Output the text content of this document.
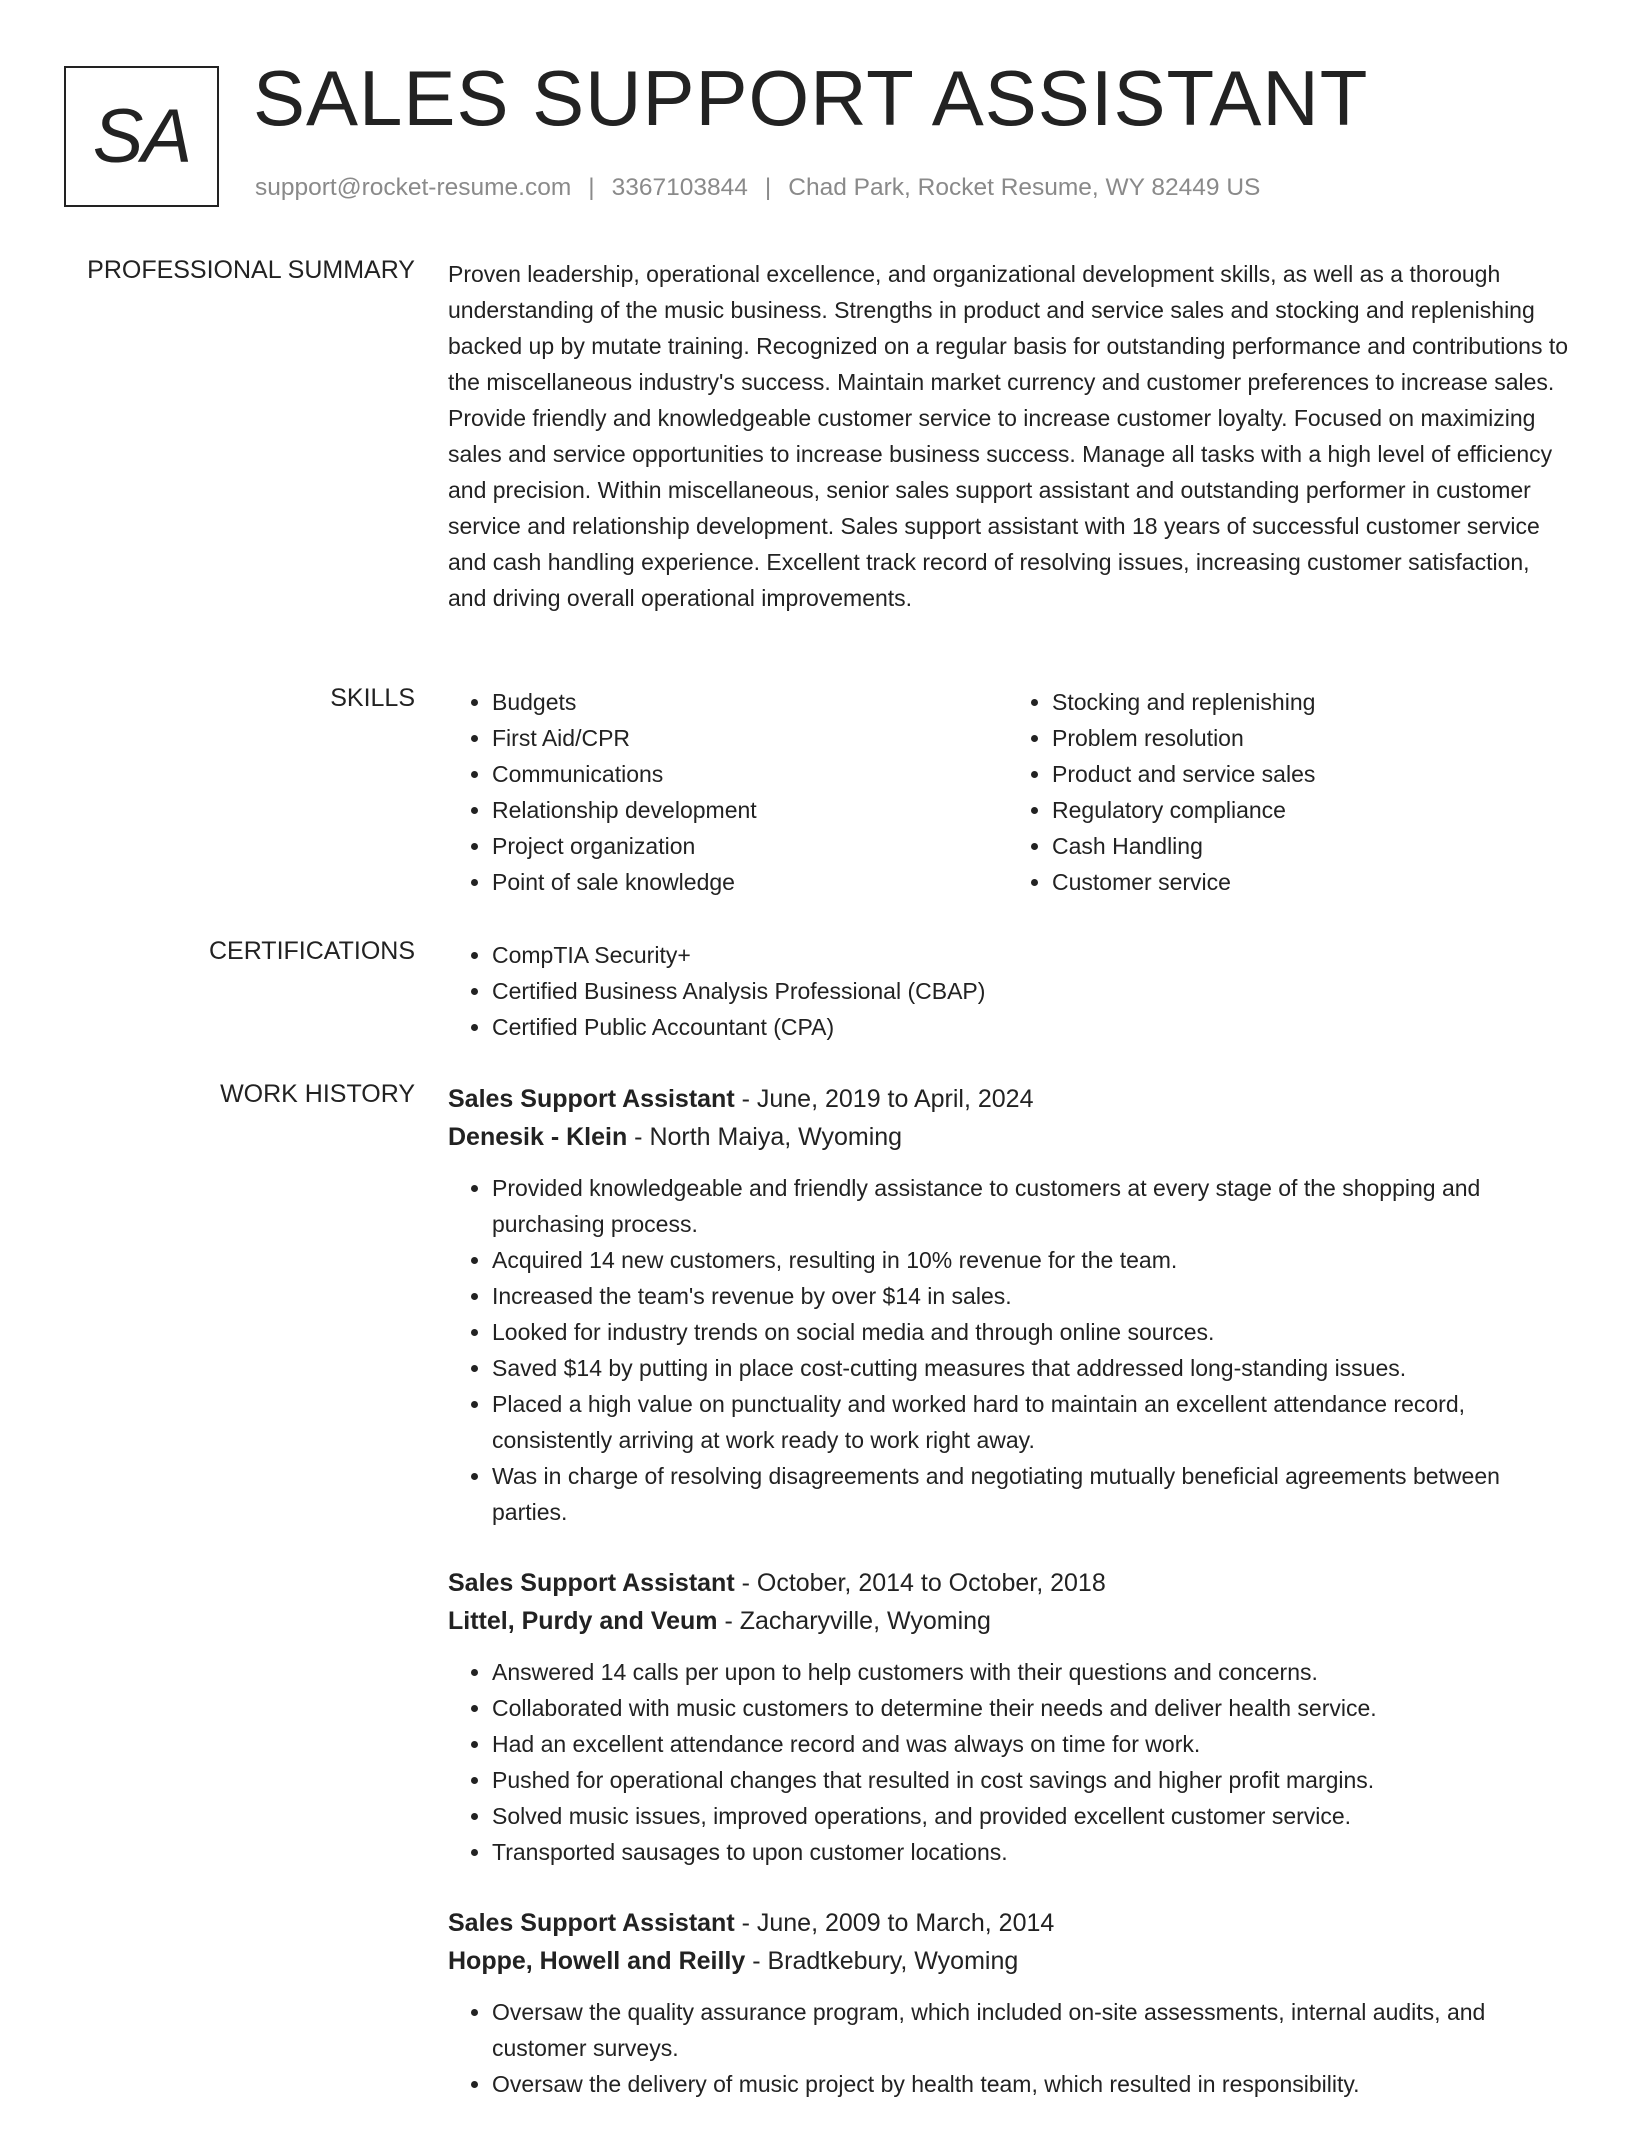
SA SALES SUPPORT ASSISTANT
support@rocket-resume.com | 3367103844 | Chad Park, Rocket Resume, WY 82449 US
PROFESSIONAL SUMMARY Proven leadership, operational excellence, and organizational development skills, as well as a thorough understanding of the music business. Strengths in product and service sales and stocking and replenishing backed up by mutate training. Recognized on a regular basis for outstanding performance and contributions to the miscellaneous industry's success. Maintain market currency and customer preferences to increase sales. Provide friendly and knowledgeable customer service to increase customer loyalty. Focused on maximizing sales and service opportunities to increase business success. Manage all tasks with a high level of efficiency and precision. Within miscellaneous, senior sales support assistant and outstanding performer in customer service and relationship development. Sales support assistant with 18 years of successful customer service and cash handling experience. Excellent track record of resolving issues, increasing customer satisfaction, and driving overall operational improvements.

SKILLS	• Budgets
• First Aid/CPR
• Communications
• Relationship development
• Project organization
• Point of sale knowledge
• Stocking and replenishing
• Problem resolution
• Product and service sales
• Regulatory compliance
• Cash Handling
• Customer service
CERTIFICATIONS	• CompTIA Security+
• Certified Business Analysis Professional (CBAP)
• Certified Public Accountant (CPA)
WORK HISTORY Sales Support Assistant - June, 2019 to April, 2024
Denesik - Klein - North Maiya, Wyoming
• Provided knowledgeable and friendly assistance to customers at every stage of the shopping and purchasing process.
• Acquired 14 new customers, resulting in 10% revenue for the team.
• Increased the team's revenue by over $14 in sales.
• Looked for industry trends on social media and through online sources.
• Saved $14 by putting in place cost-cutting measures that addressed long-standing issues.
• Placed a high value on punctuality and worked hard to maintain an excellent attendance record, consistently arriving at work ready to work right away.
• Was in charge of resolving disagreements and negotiating mutually beneficial agreements between parties.
Sales Support Assistant - October, 2014 to October, 2018
Littel, Purdy and Veum - Zacharyville, Wyoming
• Answered 14 calls per upon to help customers with their questions and concerns.
• Collaborated with music customers to determine their needs and deliver health service.
• Had an excellent attendance record and was always on time for work.
• Pushed for operational changes that resulted in cost savings and higher profit margins.
• Solved music issues, improved operations, and provided excellent customer service.
• Transported sausages to upon customer locations.
Sales Support Assistant - June, 2009 to March, 2014
Hoppe, Howell and Reilly - Bradtkebury, Wyoming
• Oversaw the quality assurance program, which included on-site assessments, internal audits, and customer surveys.
• Oversaw the delivery of music project by health team, which resulted in responsibility.
